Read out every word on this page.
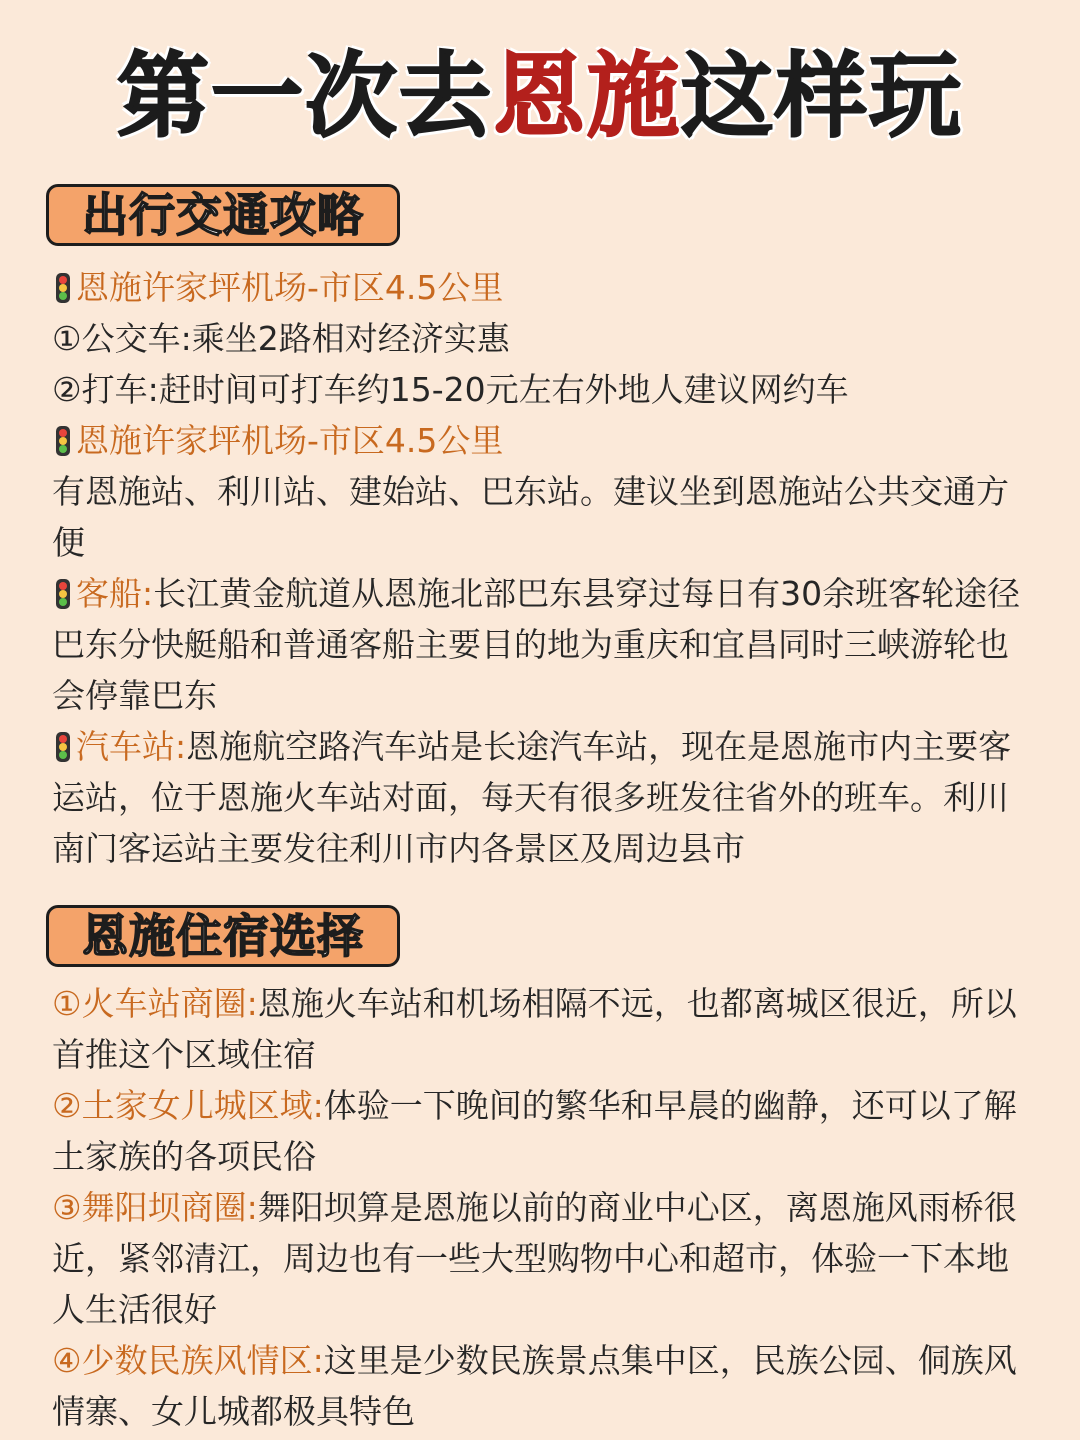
第一次去恩施这样玩
出行交通攻略
恩施许家坪机场-市区4.5公里
①公交车:乘坐2路相对经济实惠
②打车:赶时间可打车约15-20元左右外地人建议网约车
恩施许家坪机场-市区4.5公里
有恩施站、利川站、建始站、巴东站。建议坐到恩施站公共交通方便
客船:长江黄金航道从恩施北部巴东县穿过每日有30余班客轮途径巴东分快艇船和普通客船主要目的地为重庆和宜昌同时三峡游轮也会停靠巴东
汽车站:恩施航空路汽车站是长途汽车站，现在是恩施市内主要客运站，位于恩施火车站对面，每天有很多班发往省外的班车。利川南门客运站主要发往利川市内各景区及周边县市
恩施住宿选择
①火车站商圈:恩施火车站和机场相隔不远，也都离城区很近，所以首推这个区域住宿
②土家女儿城区域:体验一下晚间的繁华和早晨的幽静，还可以了解土家族的各项民俗
③舞阳坝商圈:舞阳坝算是恩施以前的商业中心区，离恩施风雨桥很近，紧邻清江，周边也有一些大型购物中心和超市，体验一下本地人生活很好
④少数民族风情区:这里是少数民族景点集中区，民族公园、侗族风情寨、女儿城都极具特色
